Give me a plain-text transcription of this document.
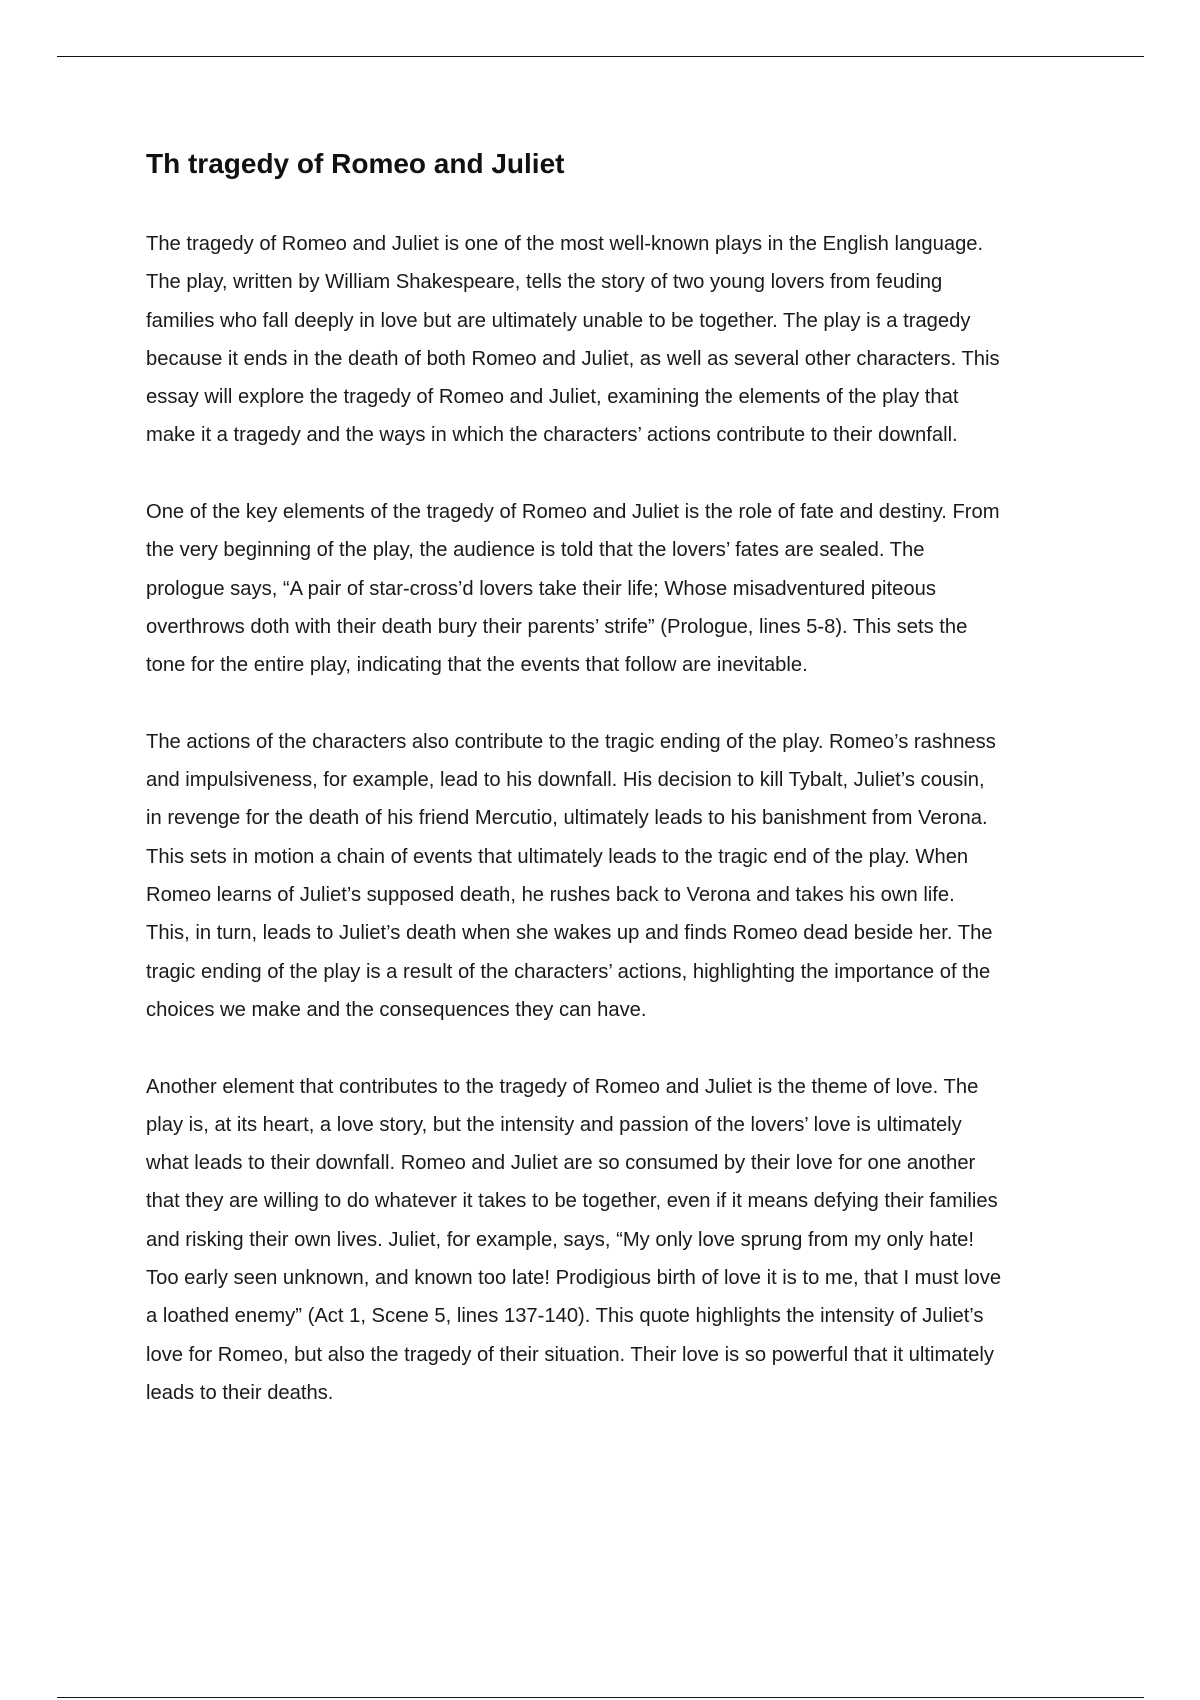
Th tragedy of Romeo and Juliet

The tragedy of Romeo and Juliet is one of the most well-known plays in the English language.
The play, written by William Shakespeare, tells the story of two young lovers from feuding
families who fall deeply in love but are ultimately unable to be together. The play is a tragedy
because it ends in the death of both Romeo and Juliet, as well as several other characters. This
essay will explore the tragedy of Romeo and Juliet, examining the elements of the play that
make it a tragedy and the ways in which the characters’ actions contribute to their downfall.

One of the key elements of the tragedy of Romeo and Juliet is the role of fate and destiny. From
the very beginning of the play, the audience is told that the lovers’ fates are sealed. The
prologue says, “A pair of star-cross’d lovers take their life; Whose misadventured piteous
overthrows doth with their death bury their parents’ strife” (Prologue, lines 5-8). This sets the
tone for the entire play, indicating that the events that follow are inevitable.

The actions of the characters also contribute to the tragic ending of the play. Romeo’s rashness
and impulsiveness, for example, lead to his downfall. His decision to kill Tybalt, Juliet’s cousin,
in revenge for the death of his friend Mercutio, ultimately leads to his banishment from Verona.
This sets in motion a chain of events that ultimately leads to the tragic end of the play. When
Romeo learns of Juliet’s supposed death, he rushes back to Verona and takes his own life.
This, in turn, leads to Juliet’s death when she wakes up and finds Romeo dead beside her. The
tragic ending of the play is a result of the characters’ actions, highlighting the importance of the
choices we make and the consequences they can have.

Another element that contributes to the tragedy of Romeo and Juliet is the theme of love. The
play is, at its heart, a love story, but the intensity and passion of the lovers’ love is ultimately
what leads to their downfall. Romeo and Juliet are so consumed by their love for one another
that they are willing to do whatever it takes to be together, even if it means defying their families
and risking their own lives. Juliet, for example, says, “My only love sprung from my only hate!
Too early seen unknown, and known too late! Prodigious birth of love it is to me, that I must love
a loathed enemy” (Act 1, Scene 5, lines 137-140). This quote highlights the intensity of Juliet’s
love for Romeo, but also the tragedy of their situation. Their love is so powerful that it ultimately
leads to their deaths.
